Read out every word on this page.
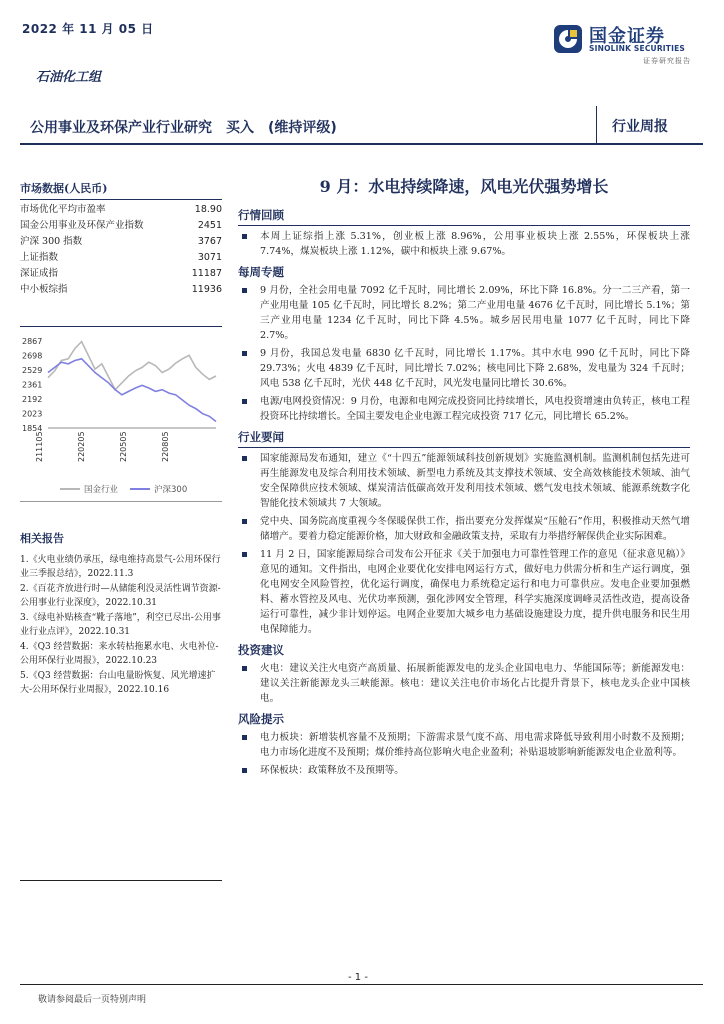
2022 年 11 月 05 日	国金证券
SINOLINK SECURITIES
证券研究报告
石油化工组
公用事业及环保产业行业研究　买入　(维持评级)	行业周报
市场数据(人民币)
市场优化平均市盈率	18.90
国金公用事业及环保产业指数	2451
沪深 300 指数	3767
上证指数	3071
深证成指	11187
中小板综指	11936
2867
2698
2529
2361
2192
2023
1854
211105	220205	220505	220805
国金行业	沪深300
相关报告
1.《火电业绩仍承压，绿电维持高景气-公用环保行业三季报总结》，2022.11.3
2.《百花齐放进行时—从储能利没灵活性调节资源-公用事业行业深度》，2022.10.31
3.《绿电补贴核查“靴子落地”，利空已尽出-公用事业行业点评》，2022.10.31
4.《Q3 经营数据：来水转枯拖累水电、火电补位-公用环保行业周报》，2022.10.23
5.《Q3 经营数据：台山电量盼恢复、风光增速扩大-公用环保行业周报》，2022.10.16
9 月：水电持续降速，风电光伏强势增长
行情回顾
本周上证综指上涨 5.31%，创业板上涨 8.96%，公用事业板块上涨 2.55%，环保板块上涨 7.74%，煤炭板块上涨 1.12%，碳中和板块上涨 9.67%。
每周专题
9 月份，全社会用电量 7092 亿千瓦时，同比增长 2.09%，环比下降 16.8%。分一二三产看，第一产业用电量 105 亿千瓦时，同比增长 8.2%；第二产业用电量 4676 亿千瓦时，同比增长 5.1%；第三产业用电量 1234 亿千瓦时，同比下降 4.5%。城乡居民用电量 1077 亿千瓦时，同比下降 2.7%。
9 月份，我国总发电量 6830 亿千瓦时，同比增长 1.17%。其中水电 990 亿千瓦时，同比下降 29.73%；火电 4839 亿千瓦时，同比增长 7.02%；核电同比下降 2.68%，发电量为 324 千瓦时；风电 538 亿千瓦时，光伏 448 亿千瓦时，风光发电量同比增长 30.6%。
电源/电网投资情况：9 月份，电源和电网完成投资同比持续增长，风电投资增速由负转正，核电工程投资环比持续增长。全国主要发电企业电源工程完成投资 717 亿元，同比增长 65.2%。
行业要闻
国家能源局发布通知，建立《“十四五”能源领域科技创新规划》实施监测机制。监测机制包括先进可再生能源发电及综合利用技术领域、新型电力系统及其支撑技术领域、安全高效核能技术领域、油气安全保障供应技术领域、煤炭清洁低碳高效开发利用技术领域、燃气发电技术领域、能源系统数字化智能化技术领域共 7 大领域。
党中央、国务院高度重视今冬保暖保供工作，指出要充分发挥煤炭“压舱石”作用，积极推动天然气增储增产。要着力稳定能源价格，加大财政和金融政策支持，采取有力举措纾解保供企业实际困难。
11 月 2 日，国家能源局综合司发布公开征求《关于加强电力可靠性管理工作的意见（征求意见稿）》意见的通知。文件指出，电网企业要优化安排电网运行方式，做好电力供需分析和生产运行调度，强化电网安全风险管控，优化运行调度，确保电力系统稳定运行和电力可靠供应。发电企业要加强燃料、蓄水管控及风电、光伏功率预测，强化涉网安全管理，科学实施深度调峰灵活性改造，提高设备运行可靠性，减少非计划停运。电网企业要加大城乡电力基础设施建设力度，提升供电服务和民生用电保障能力。
投资建议
火电：建议关注火电资产高质量、拓展新能源发电的龙头企业国电电力、华能国际等；新能源发电：建议关注新能源龙头三峡能源。核电：建议关注电价市场化占比提升背景下，核电龙头企业中国核电。
风险提示
电力板块：新增装机容量不及预期；下游需求景气度不高、用电需求降低导致利用小时数不及预期；电力市场化进度不及预期；煤价维持高位影响火电企业盈利；补贴退坡影响新能源发电企业盈利等。
环保板块：政策释放不及预期等。
- 1 -
敬请参阅最后一页特别声明
